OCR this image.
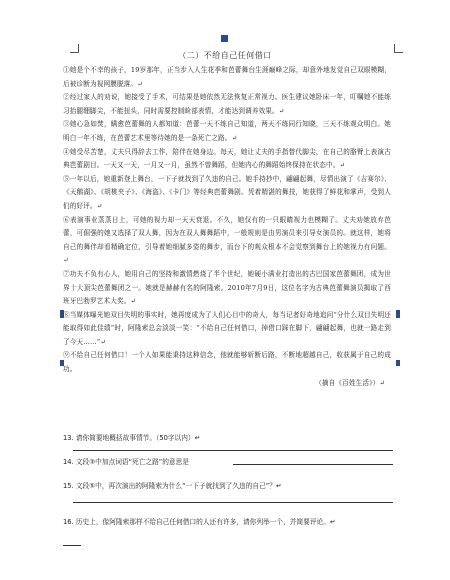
（二）不给自己任何借口

①她是个不幸的孩子，19岁那年，正当步入人生花季和芭蕾舞台生涯巅峰之际，却意外地发觉自己双眼模糊，后被诊断为视网膜脱落。↵

②经过家人的劝说，她接受了手术，可结果是她依然无法恢复正常视力。医生建议她卧床一年，叮嘱她不能练习抬腿绷脚尖，不能扭头，同时需要控制睑部表情，才能达到调养效果。↵

③她心急如焚，瞒愈芭蕾舞的人都知道：芭蕾一天不练自己知道，两天不练同行知晓，三天不练观众明白。她明白一年不练，在芭蕾艺术里等待她的是一条死亡之路。↵

④她受尽苦楚，丈夫只得辞去工作，陪伴在她身边。每天，她让丈夫的手指替代脚尖，在自己的胳臂上表演古典芭蕾剧目。一天又一天，一月又一月，虽然不曾舞蹈，但她内心的舞蹈始终保持在状态中。↵

⑤一年以后，她重新登上舞台，一下子就找到了久违的自己。她手持抄中，翩翩起舞，尽情出演了《吉赛尔》、《天鹅湖》、《胡桃夹子》、《海盗》、《卡门》等经典芭蕾舞剧。凭着精湛的舞技，她获得了鲜花和掌声，受到人们的好评。↵

⑥表演事业蒸蒸日上，可她的视力却一天天衰退。不久，她仅有的一只眼睛视力也模糊了。丈夫劝她放弃芭蕾，可倔强的她又选择了双人舞，因为在双人舞舞蹈中，一般规则是由男演员来引导女演员的。就这样，她将自己的舞伴却看精确定位，引导着她细腻多姿的舞步，而台下的观众根本不会觉察到舞台上的她视力有问题。↵

⑦功夫不负有心人，她用自己的坚持和激情燃烧了半个世纪，她硬小满业打造出的古巴国家芭蕾舞团，成为世界十大顶尖芭蕾舞团之一。她就是赫赫有名的阿隆索。2010年7月9日，这位名字为古典芭蕾舞演员揭取了西班牙巴勃罗艺术大奖。↵

⑧当媒体曝光她双目失明的事实时，她再度成为了人们心目中的奇人，每当记者好奇地追问“分什么双目失明还能取得如此佳绩”时，阿隆索总会淡淡一笑：“不给自己任何借口，掉借口踩在脚下，翩翩起舞，也就一路走到了今天……”↵

⑨不给自己任何借口！一个人如果能秉持这种信念，他就能够斩断后路，不断地超越自己，收获属于自己的成功。

（摘自《百姓生活》）↵

13. 请你简要地概括故事情节。（50字以内）↵
14. 文段③中加点词语“死亡之路”的意思是
15. 文段⑤中，再次演出的阿隆索为什么“一下子就找到了久违的自己”？↵
16. 历史上，像阿隆索那样不给自己任何借口的人还有许多，请你列举一个，并简要评论。↵
